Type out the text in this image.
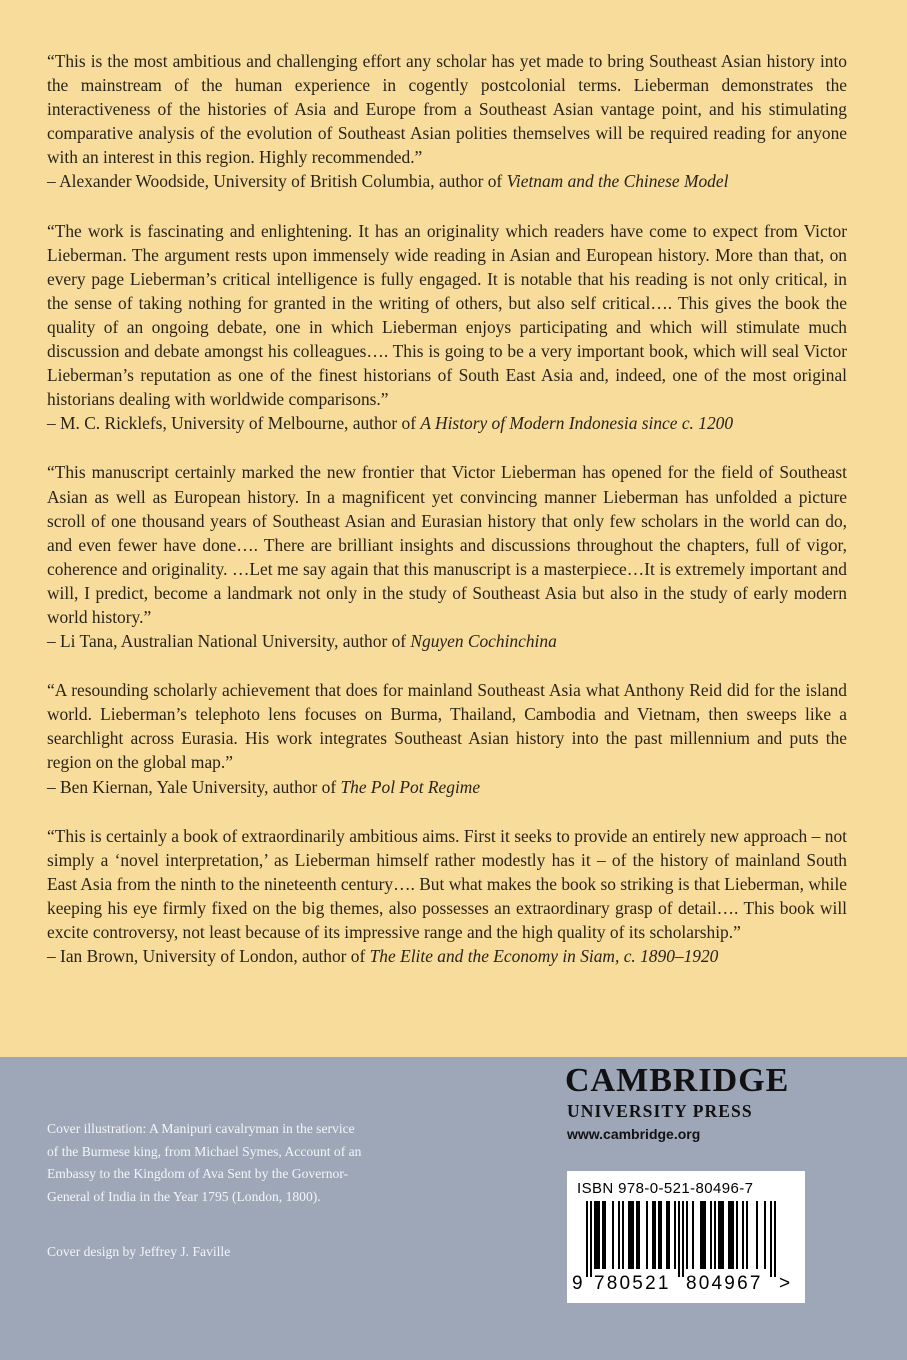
“This is the most ambitious and challenging effort any scholar has yet made to bring Southeast Asian history into the mainstream of the human experience in cogently postcolonial terms. Lieberman demonstrates the interactiveness of the histories of Asia and Europe from a Southeast Asian vantage point, and his stimulating comparative analysis of the evolution of Southeast Asian polities themselves will be required reading for anyone with an interest in this region. Highly recommended.”

– Alexander Woodside, University of British Columbia, author of Vietnam and the Chinese Model

“The work is fascinating and enlightening. It has an originality which readers have come to expect from Victor Lieberman. The argument rests upon immensely wide reading in Asian and European history. More than that, on every page Lieberman’s critical intelligence is fully engaged. It is notable that his reading is not only critical, in the sense of taking nothing for granted in the writing of others, but also self critical…. This gives the book the quality of an ongoing debate, one in which Lieberman enjoys participating and which will stimulate much discussion and debate amongst his colleagues…. This is going to be a very important book, which will seal Victor Lieberman’s reputation as one of the finest historians of South East Asia and, indeed, one of the most original historians dealing with worldwide comparisons.”

– M. C. Ricklefs, University of Melbourne, author of A History of Modern Indonesia since c. 1200

“This manuscript certainly marked the new frontier that Victor Lieberman has opened for the field of Southeast Asian as well as European history. In a magnificent yet convincing manner Lieberman has unfolded a picture scroll of one thousand years of Southeast Asian and Eurasian history that only few scholars in the world can do, and even fewer have done…. There are brilliant insights and discussions throughout the chapters, full of vigor, coherence and originality. …Let me say again that this manuscript is a masterpiece…It is extremely important and will, I predict, become a landmark not only in the study of Southeast Asia but also in the study of early modern world history.”

– Li Tana, Australian National University, author of Nguyen Cochinchina

“A resounding scholarly achievement that does for mainland Southeast Asia what Anthony Reid did for the island world. Lieberman’s telephoto lens focuses on Burma, Thailand, Cambodia and Vietnam, then sweeps like a searchlight across Eurasia. His work integrates Southeast Asian history into the past millennium and puts the region on the global map.”

– Ben Kiernan, Yale University, author of The Pol Pot Regime

“This is certainly a book of extraordinarily ambitious aims. First it seeks to provide an entirely new approach – not simply a ‘novel interpretation,’ as Lieberman himself rather modestly has it – of the history of mainland South East Asia from the ninth to the nineteenth century…. But what makes the book so striking is that Lieberman, while keeping his eye firmly fixed on the big themes, also possesses an extraordinary grasp of detail…. This book will excite controversy, not least because of its impressive range and the high quality of its scholarship.”

– Ian Brown, University of London, author of The Elite and the Economy in Siam, c. 1890–1920

Cover illustration: A Manipuri cavalryman in the service of the Burmese king, from Michael Symes, Account of an Embassy to the Kingdom of Ava Sent by the Governor-General of India in the Year 1795 (London, 1800).
Cover design by Jeffrey J. Faville
CAMBRIDGE
UNIVERSITY PRESS
www.cambridge.org
ISBN 978-0-521-80496-7
9 780521 804967 >
